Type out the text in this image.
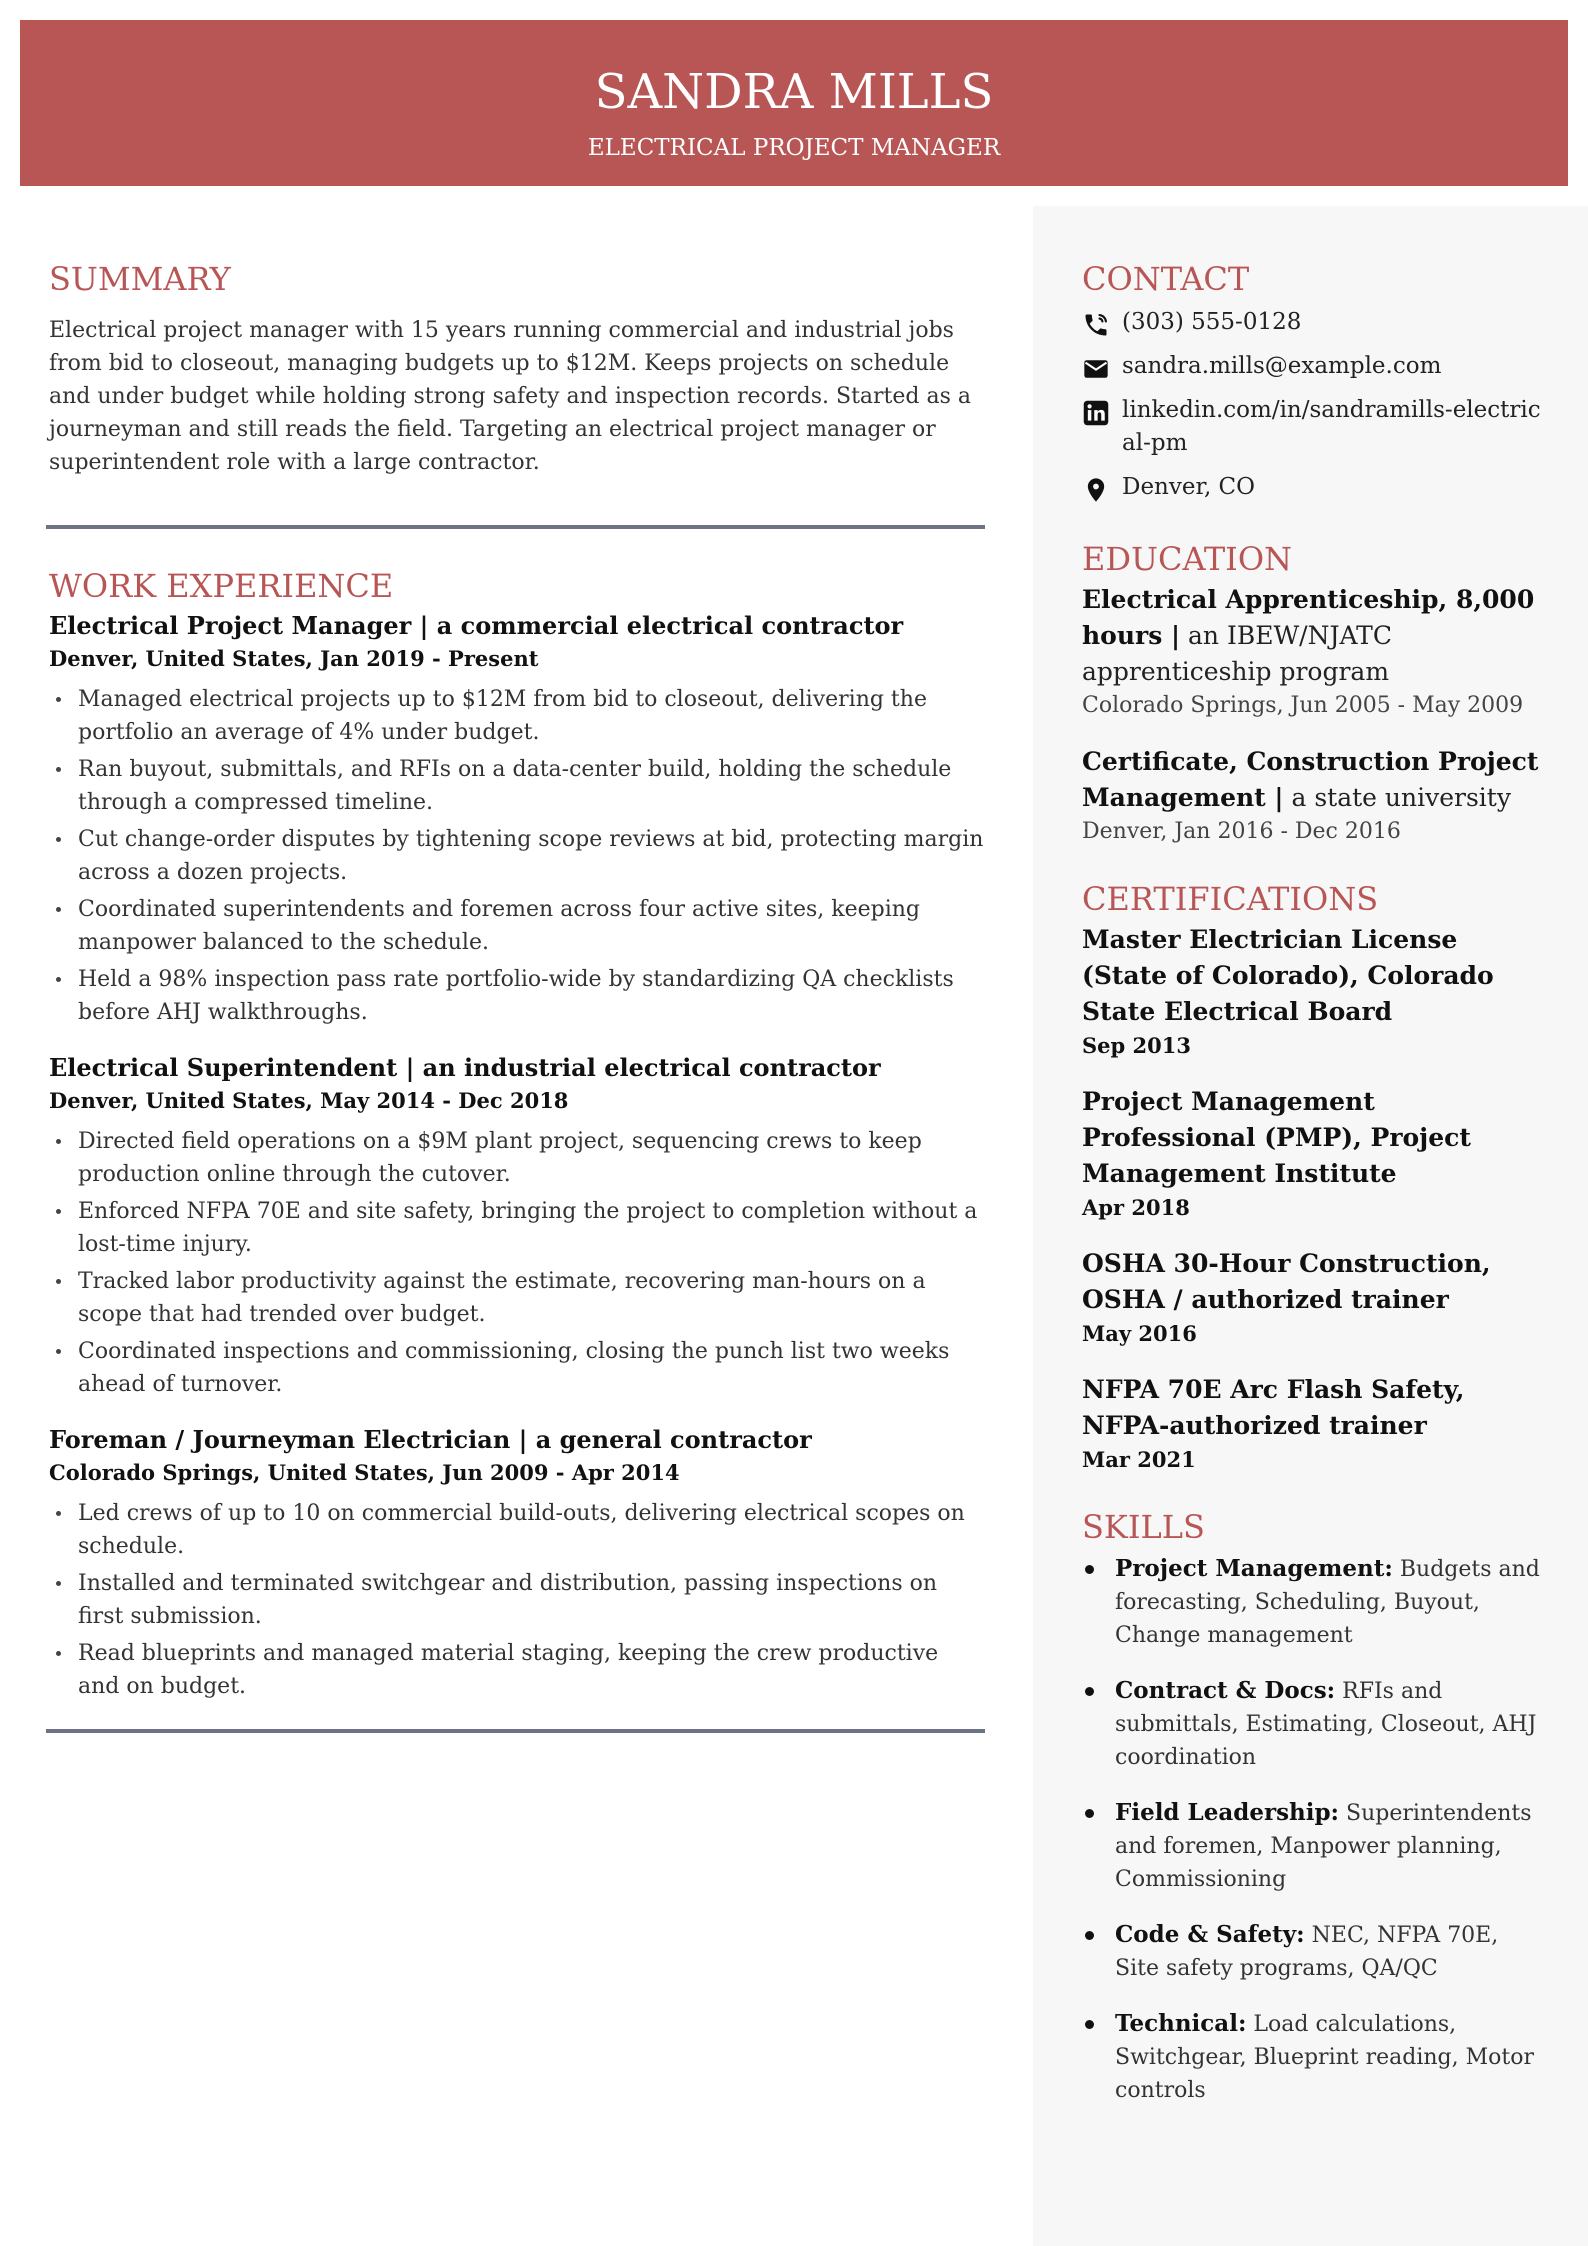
SANDRA MILLS
ELECTRICAL PROJECT MANAGER
SUMMARY

Electrical project manager with 15 years running commercial and industrial jobs from bid to closeout, managing budgets up to $12M. Keeps projects on schedule and under budget while holding strong safety and inspection records. Started as a journeyman and still reads the field. Targeting an electrical project manager or superintendent role with a large contractor.

WORK EXPERIENCE
Electrical Project Manager | a commercial electrical contractor
Denver, United States, Jan 2019 - Present
Managed electrical projects up to $12M from bid to closeout, delivering the portfolio an average of 4% under budget.
Ran buyout, submittals, and RFIs on a data-center build, holding the schedule through a compressed timeline.
Cut change-order disputes by tightening scope reviews at bid, protecting margin across a dozen projects.
Coordinated superintendents and foremen across four active sites, keeping manpower balanced to the schedule.
Held a 98% inspection pass rate portfolio-wide by standardizing QA checklists before AHJ walkthroughs.
Electrical Superintendent | an industrial electrical contractor
Denver, United States, May 2014 - Dec 2018
Directed field operations on a $9M plant project, sequencing crews to keep production online through the cutover.
Enforced NFPA 70E and site safety, bringing the project to completion without a lost-time injury.
Tracked labor productivity against the estimate, recovering man-hours on a scope that had trended over budget.
Coordinated inspections and commissioning, closing the punch list two weeks ahead of turnover.
Foreman / Journeyman Electrician | a general contractor
Colorado Springs, United States, Jun 2009 - Apr 2014
Led crews of up to 10 on commercial build-outs, delivering electrical scopes on schedule.
Installed and terminated switchgear and distribution, passing inspections on first submission.
Read blueprints and managed material staging, keeping the crew productive and on budget.
CONTACT
(303) 555-0128
sandra.mills@example.com
linkedin.com/in/sandramills-electrical-pm
Denver, CO
EDUCATION
Electrical Apprenticeship, 8,000 hours | an IBEW/NJATC apprenticeship program
Colorado Springs, Jun 2005 - May 2009
Certificate, Construction Project Management | a state university
Denver, Jan 2016 - Dec 2016
CERTIFICATIONS
Master Electrician License (State of Colorado), Colorado State Electrical Board
Sep 2013
Project Management Professional (PMP), Project Management Institute
Apr 2018
OSHA 30-Hour Construction, OSHA / authorized trainer
May 2016
NFPA 70E Arc Flash Safety, NFPA-authorized trainer
Mar 2021
SKILLS
Project Management: Budgets and forecasting, Scheduling, Buyout, Change management
Contract & Docs: RFIs and submittals, Estimating, Closeout, AHJ coordination
Field Leadership: Superintendents and foremen, Manpower planning, Commissioning
Code & Safety: NEC, NFPA 70E, Site safety programs, QA/QC
Technical: Load calculations, Switchgear, Blueprint reading, Motor controls
